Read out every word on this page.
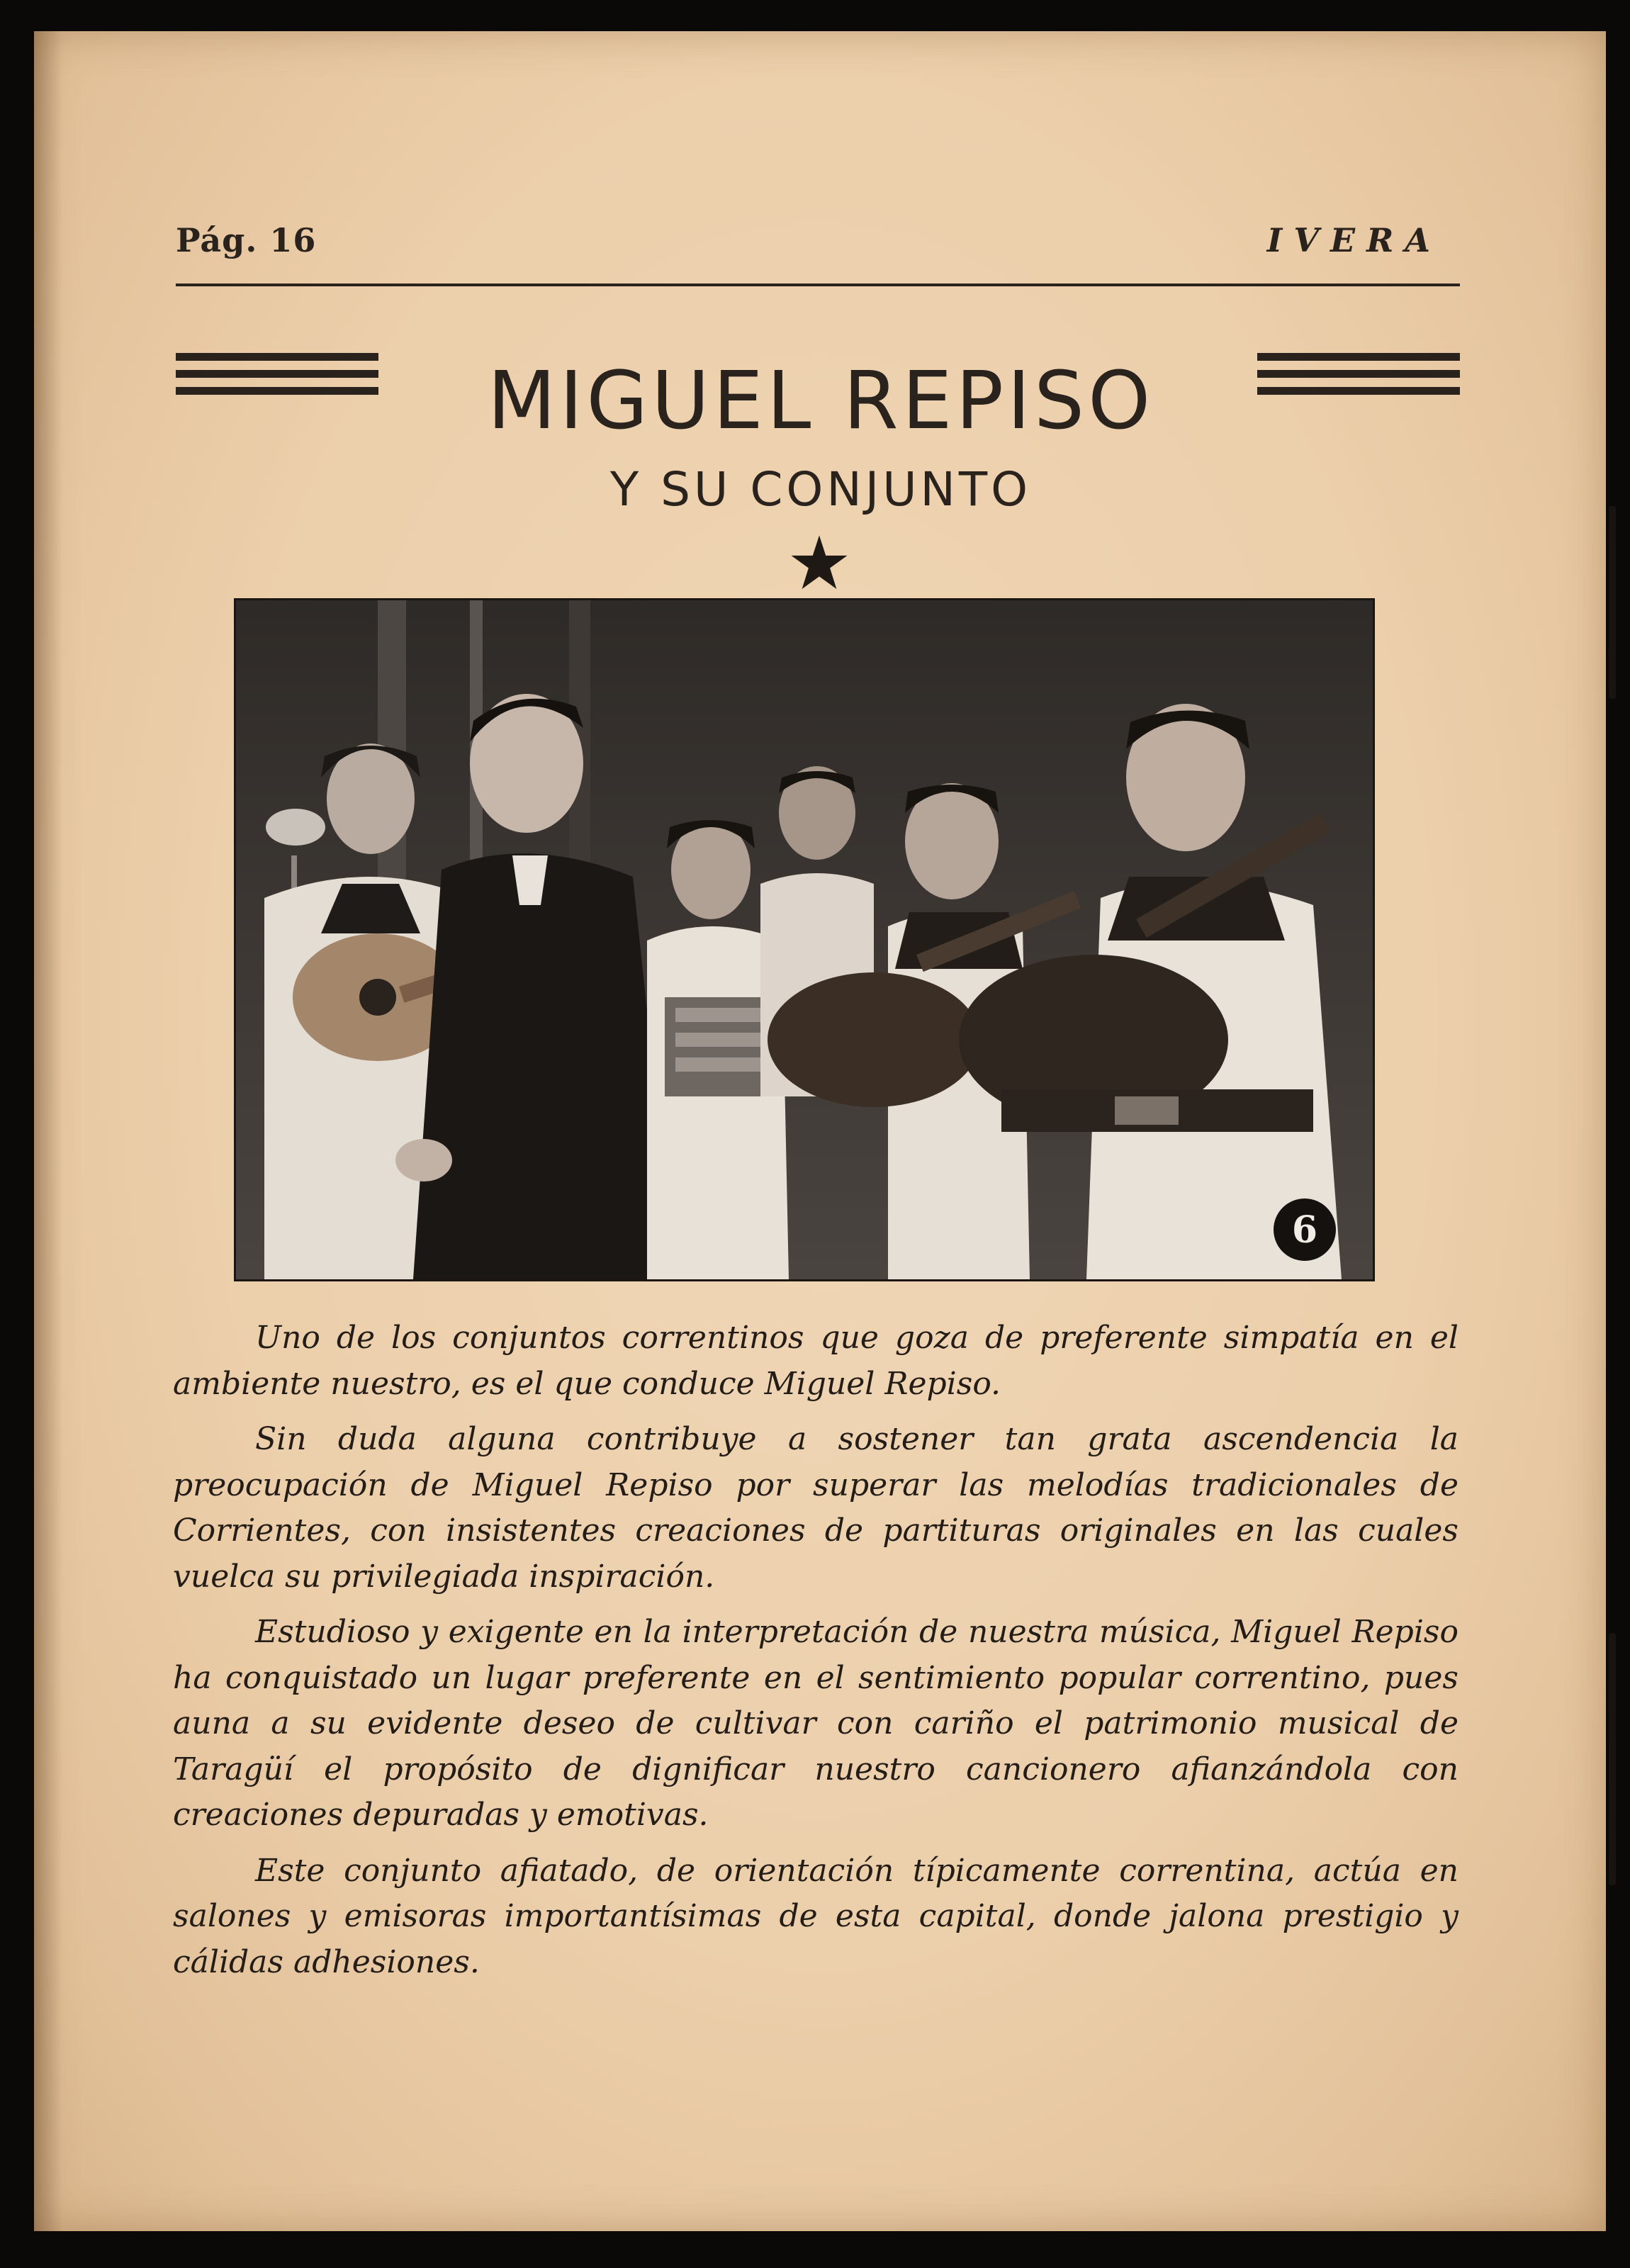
Pág. 16	IVERA
MIGUEL REPISO
Y SU CONJUNTO
6

Uno de los conjuntos correntinos que goza de preferente simpatía en el ambiente nuestro, es el que conduce Miguel Repiso.

Sin duda alguna contribuye a sostener tan grata ascendencia la preocupación de Miguel Repiso por superar las melodías tradicionales de Corrientes, con insistentes creaciones de partituras originales en las cuales vuelca su privilegiada inspiración.

Estudioso y exigente en la interpretación de nuestra música, Miguel Repiso ha conquistado un lugar preferente en el sentimiento popular correntino, pues auna a su evidente deseo de cultivar con cariño el patrimonio musical de Taragüí el propósito de dignificar nuestro cancionero afianzándola con creaciones depuradas y emotivas.

Este conjunto afiatado, de orientación típicamente correntina, actúa en salones y emisoras importantísimas de esta capital, donde jalona prestigio y cálidas adhesiones.
